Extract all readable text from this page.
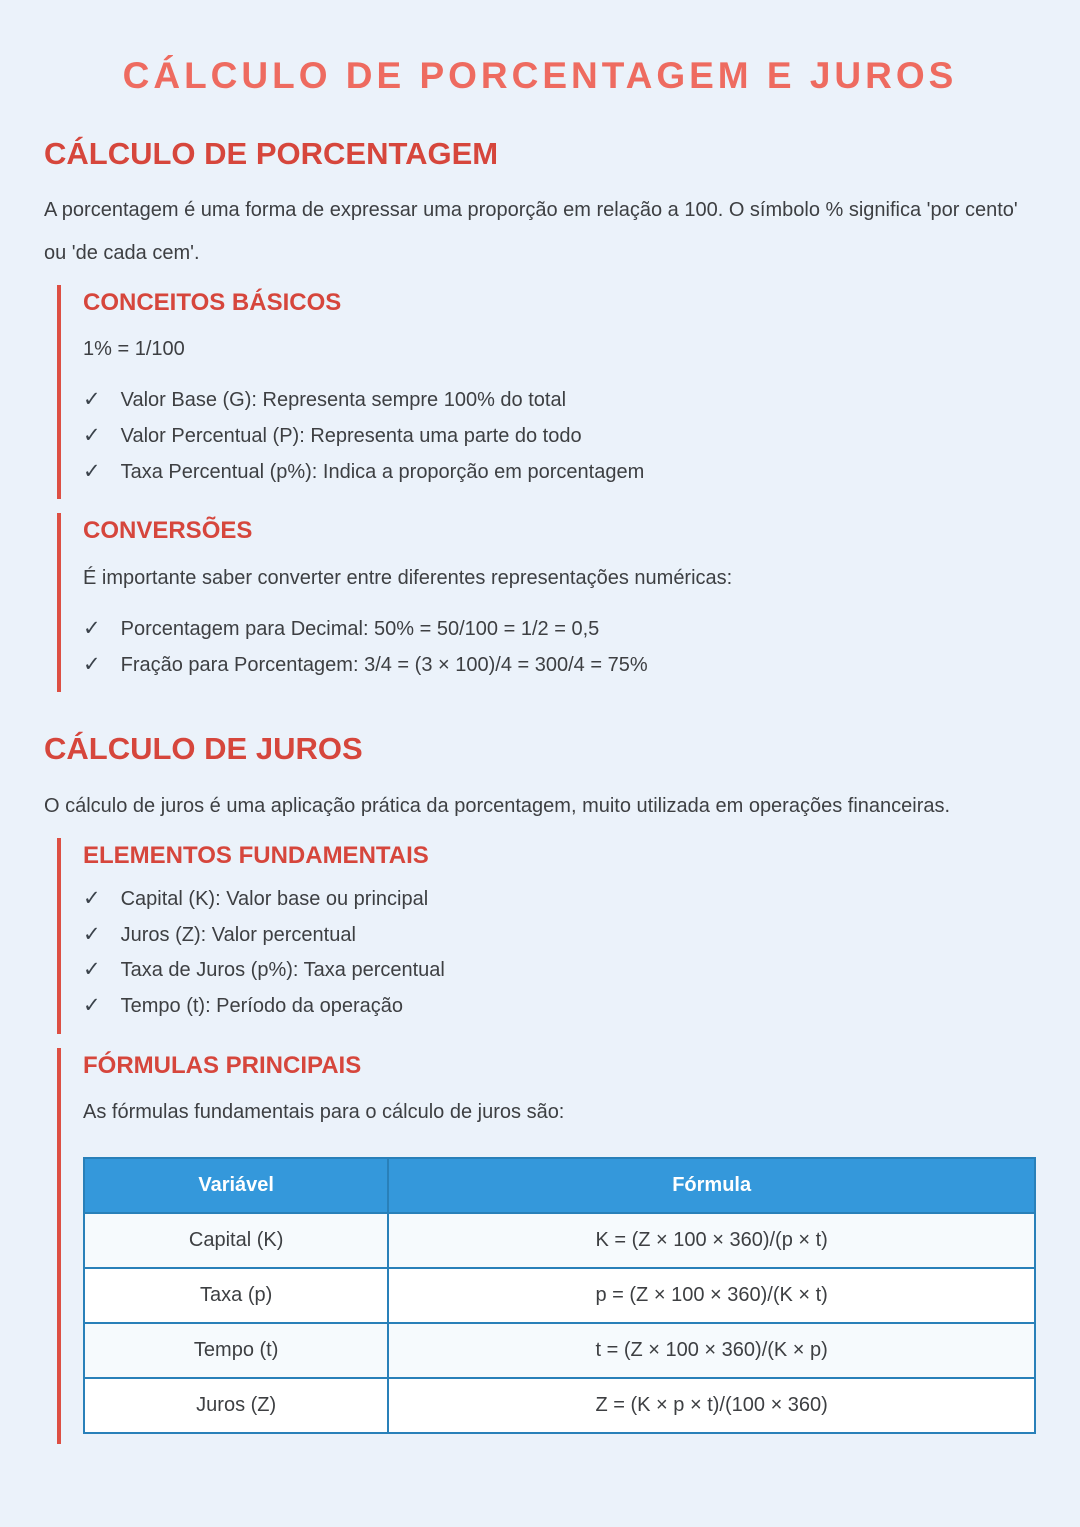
CÁLCULO DE PORCENTAGEM E JUROS
CÁLCULO DE PORCENTAGEM

A porcentagem é uma forma de expressar uma proporção em relação a 100. O símbolo % significa 'por cento' ou 'de cada cem'.

CONCEITOS BÁSICOS

1% = 1/100

✓ Valor Base (G): Representa sempre 100% do total
✓ Valor Percentual (P): Representa uma parte do todo
✓ Taxa Percentual (p%): Indica a proporção em porcentagem
CONVERSÕES

É importante saber converter entre diferentes representações numéricas:

✓ Porcentagem para Decimal: 50% = 50/100 = 1/2 = 0,5
✓ Fração para Porcentagem: 3/4 = (3 × 100)/4 = 300/4 = 75%
CÁLCULO DE JUROS

O cálculo de juros é uma aplicação prática da porcentagem, muito utilizada em operações financeiras.

ELEMENTOS FUNDAMENTAIS
✓ Capital (K): Valor base ou principal
✓ Juros (Z): Valor percentual
✓ Taxa de Juros (p%): Taxa percentual
✓ Tempo (t): Período da operação
FÓRMULAS PRINCIPAIS

As fórmulas fundamentais para o cálculo de juros são:

Variável	Fórmula
Capital (K)	K = (Z × 100 × 360)/(p × t)
Taxa (p)	p = (Z × 100 × 360)/(K × t)
Tempo (t)	t = (Z × 100 × 360)/(K × p)
Juros (Z)	Z = (K × p × t)/(100 × 360)
